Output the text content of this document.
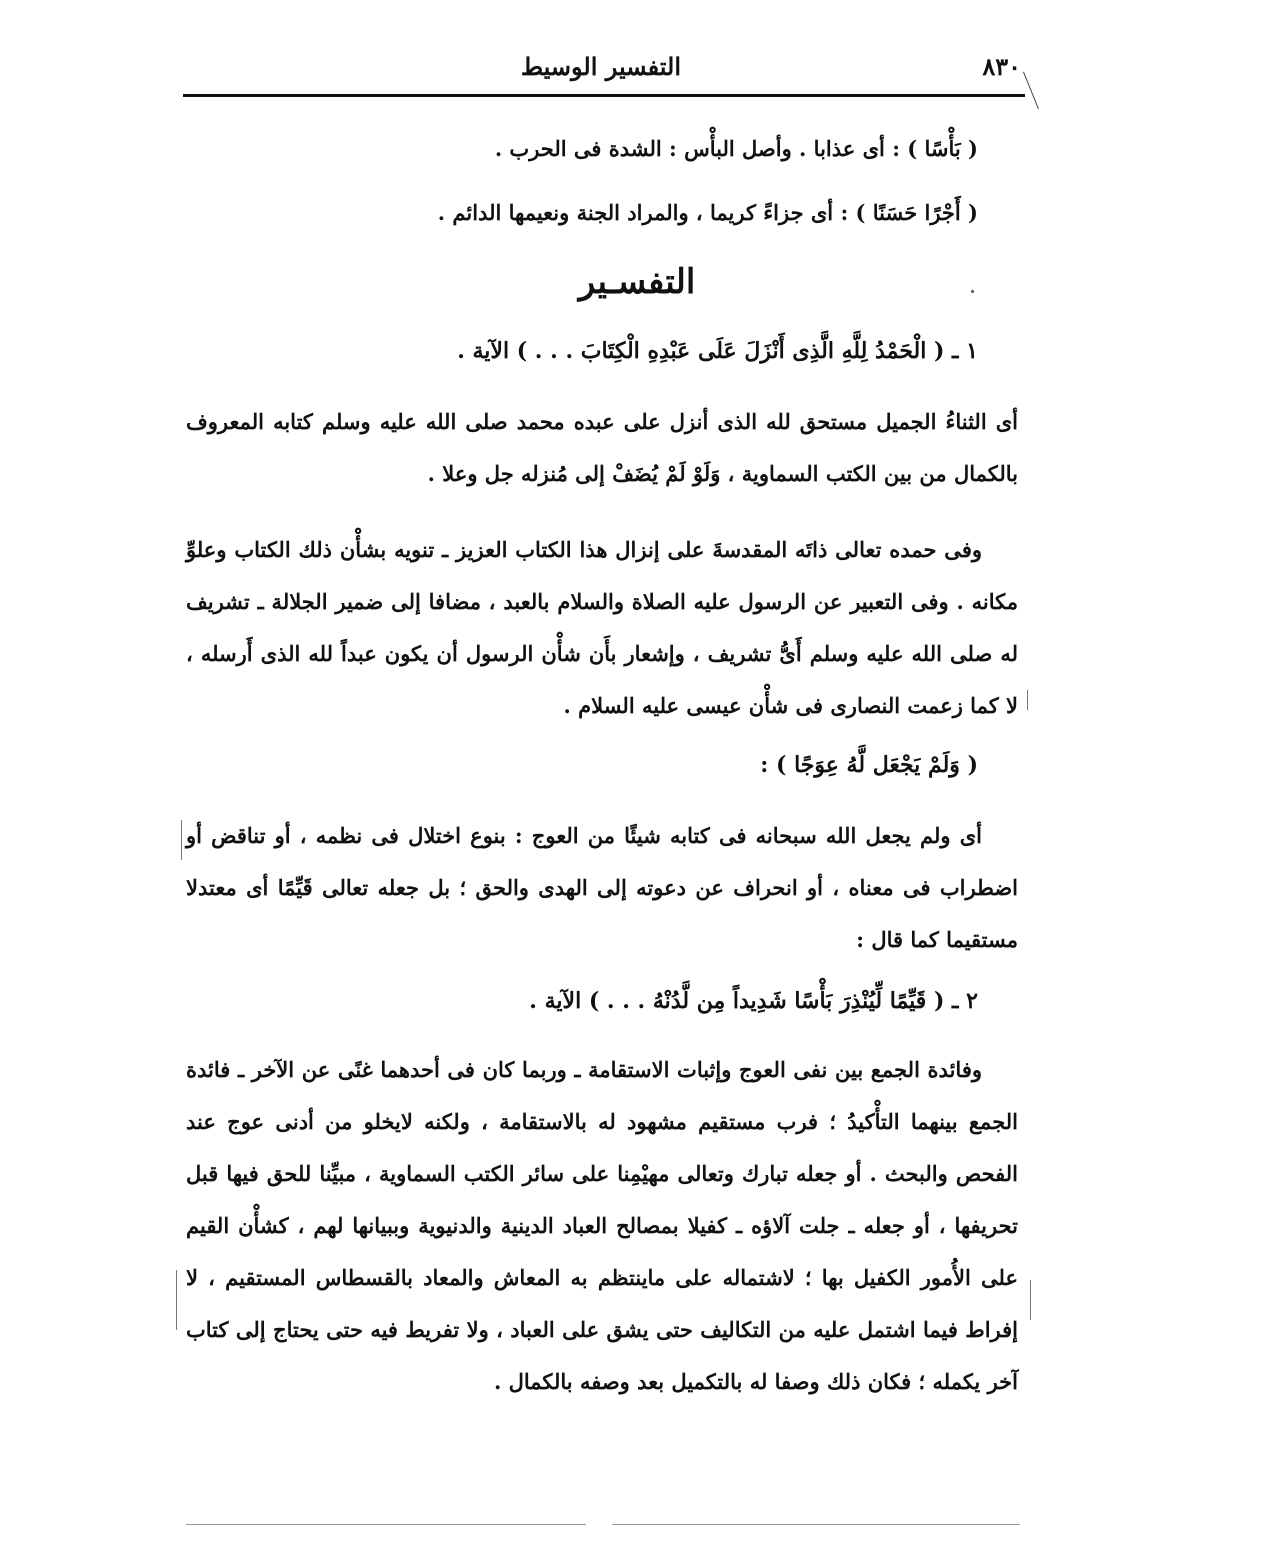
٨٣٠
التفسير الوسيط

( بَأْسًا ) : أى عذابا . وأصل البأْس : الشدة فى الحرب .

( أَجْرًا حَسَنًا ) : أى جزاءً كريما ، والمراد الجنة ونعيمها الدائم .

التفسـير

١ ـ ( الْحَمْدُ لِلَّهِ الَّذِى أَنْزَلَ عَلَى عَبْدِهِ الْكِتَابَ . . . ) الآية .

أى الثناءُ الجميل مستحق لله الذى أنزل على عبده محمد صلى الله عليه وسلم كتابه المعروف بالكمال من بين الكتب السماوية ، وَلَوْ لَمْ يُضَفْ إلى مُنزله جل وعلا .

وفى حمده تعالى ذاتَه المقدسةَ على إنزال هذا الكتاب العزيز ـ تنويه بشأْن ذلك الكتاب وعلوِّ مكانه . وفى التعبير عن الرسول عليه الصلاة والسلام بالعبد ، مضافا إلى ضمير الجلالة ـ تشريف له صلى الله عليه وسلم أَىُّ تشريف ، وإشعار بأَن شأْن الرسول أن يكون عبداً لله الذى أَرسله ، لا كما زعمت النصارى فى شأْن عيسى عليه السلام .

( وَلَمْ يَجْعَل لَّهُ عِوَجًا ) :

أى ولم يجعل الله سبحانه فى كتابه شيئًا من العوج : بنوع اختلال فى نظمه ، أو تناقض أو اضطراب فى معناه ، أو انحراف عن دعوته إلى الهدى والحق ؛ بل جعله تعالى قَيِّمًا أى معتدلا مستقيما كما قال :

٢ ـ ( قَيِّمًا لِّيُنْذِرَ بَأْسًا شَدِيداً مِن لَّدُنْهُ . . . ) الآية .

وفائدة الجمع بين نفى العوج وإثبات الاستقامة ـ وربما كان فى أحدهما غنًى عن الآخر ـ فائدة الجمع بينهما التأْكيدُ ؛ فرب مستقيم مشهود له بالاستقامة ، ولكنه لايخلو من أدنى عوج عند الفحص والبحث . أو جعله تبارك وتعالى مهيْمِنا على سائر الكتب السماوية ، مبيِّنا للحق فيها قبل تحريفها ، أو جعله ـ جلت آلاؤه ـ كفيلا بمصالح العباد الدينية والدنيوية وببيانها لهم ، كشأْن القيم على الأُمور الكفيل بها ؛ لاشتماله على ماينتظم به المعاش والمعاد بالقسطاس المستقيم ، لا إفراط فيما اشتمل عليه من التكاليف حتى يشق على العباد ، ولا تفريط فيه حتى يحتاج إلى كتاب آخر يكمله ؛ فكان ذلك وصفا له بالتكميل بعد وصفه بالكمال .
